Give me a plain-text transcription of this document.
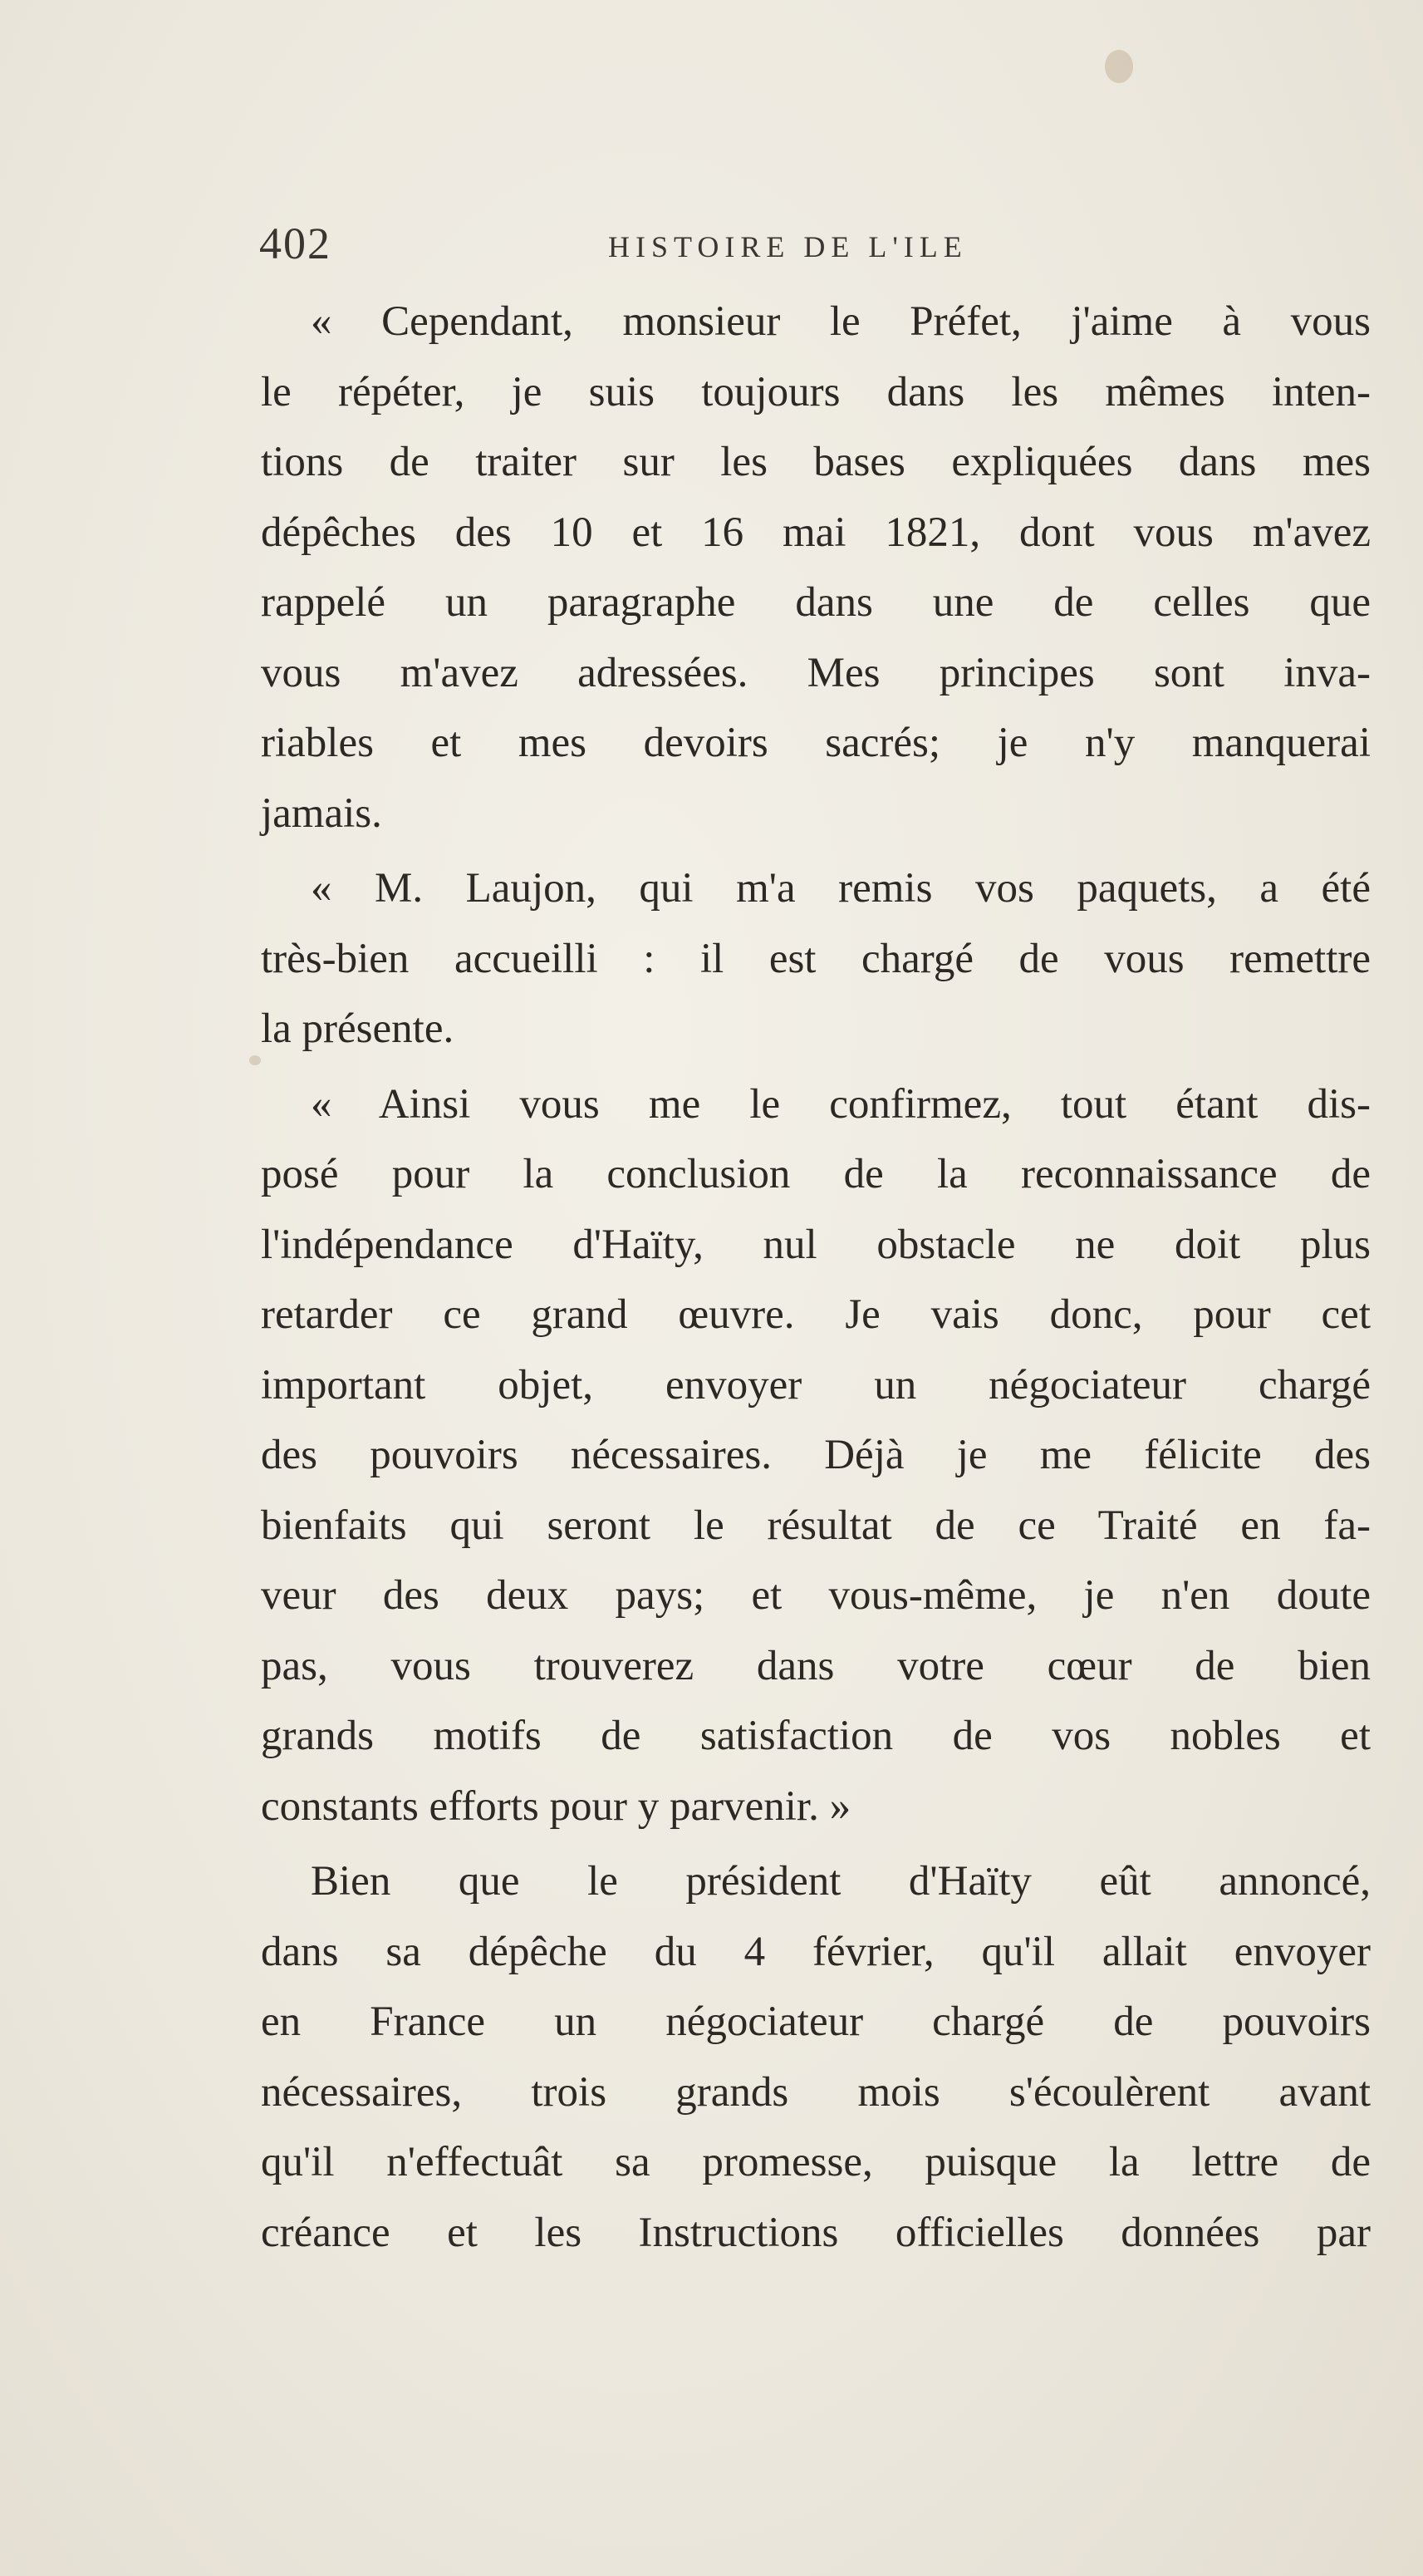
402	HISTOIRE DE L'ILE
« Cependant, monsieur le Préfet, j'aime à vous
le répéter, je suis toujours dans les mêmes inten-
tions de traiter sur les bases expliquées dans mes
dépêches des 10 et 16 mai 1821, dont vous m'avez
rappelé un paragraphe dans une de celles que
vous m'avez adressées. Mes principes sont inva-
riables et mes devoirs sacrés; je n'y manquerai
jamais.
« M. Laujon, qui m'a remis vos paquets, a été
très-bien accueilli : il est chargé de vous remettre
la présente.
« Ainsi vous me le confirmez, tout étant dis-
posé pour la conclusion de la reconnaissance de
l'indépendance d'Haïty, nul obstacle ne doit plus
retarder ce grand œuvre. Je vais donc, pour cet
important objet, envoyer un négociateur chargé
des pouvoirs nécessaires. Déjà je me félicite des
bienfaits qui seront le résultat de ce Traité en fa-
veur des deux pays; et vous-même, je n'en doute
pas, vous trouverez dans votre cœur de bien
grands motifs de satisfaction de vos nobles et
constants efforts pour y parvenir. »
Bien que le président d'Haïty eût annoncé,
dans sa dépêche du 4 février, qu'il allait envoyer
en France un négociateur chargé de pouvoirs
nécessaires, trois grands mois s'écoulèrent avant
qu'il n'effectuât sa promesse, puisque la lettre de
créance et les Instructions officielles données par
